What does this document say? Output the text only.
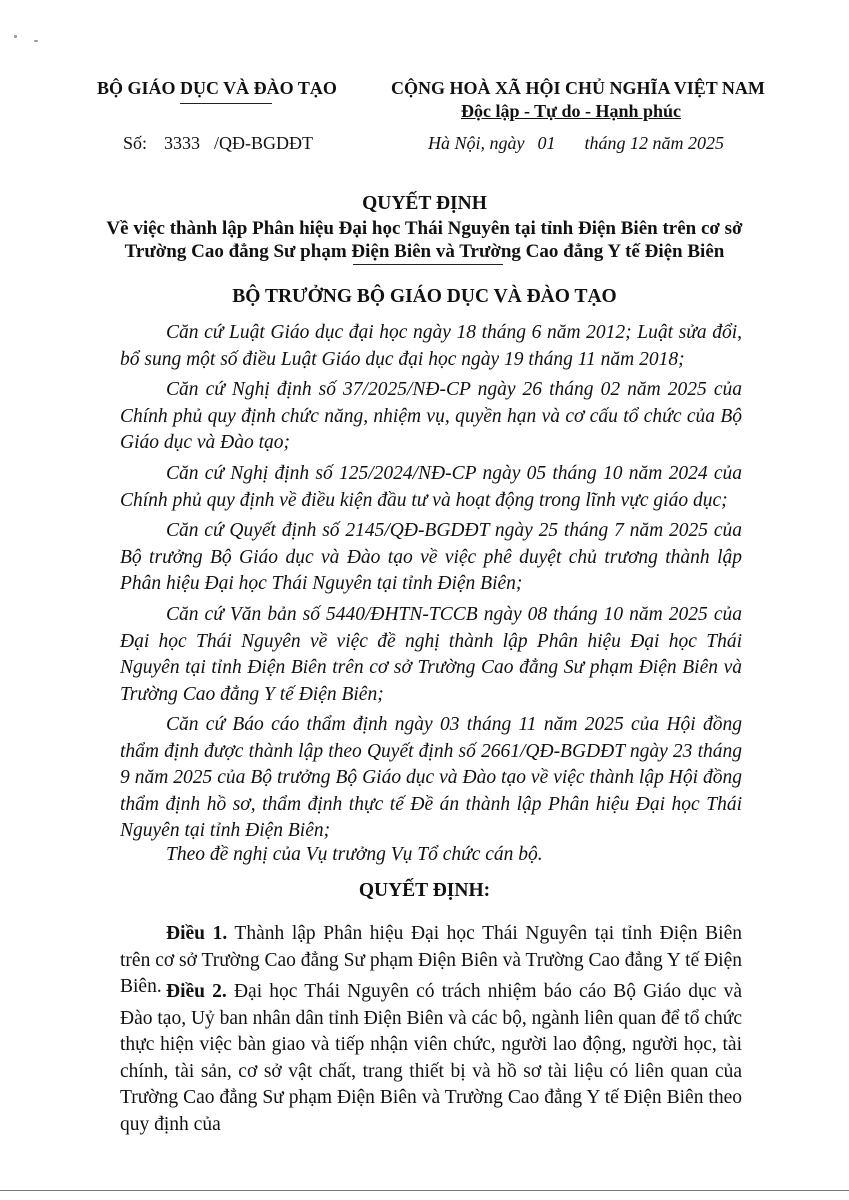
BỘ GIÁO DỤC VÀ ĐÀO TẠO	CỘNG HOÀ XÃ HỘI CHỦ NGHĨA VIỆT NAM
Độc lập - Tự do - Hạnh phúc
Số: 3333 /QĐ-BGDĐT	Hà Nội, ngày 01 tháng 12 năm 2025
QUYẾT ĐỊNH
Về việc thành lập Phân hiệu Đại học Thái Nguyên tại tỉnh Điện Biên trên cơ sở
Trường Cao đẳng Sư phạm Điện Biên và Trường Cao đẳng Y tế Điện Biên
BỘ TRƯỞNG BỘ GIÁO DỤC VÀ ĐÀO TẠO
Căn cứ Luật Giáo dục đại học ngày 18 tháng 6 năm 2012; Luật sửa đổi, bổ sung một số điều Luật Giáo dục đại học ngày 19 tháng 11 năm 2018;
Căn cứ Nghị định số 37/2025/NĐ-CP ngày 26 tháng 02 năm 2025 của Chính phủ quy định chức năng, nhiệm vụ, quyền hạn và cơ cấu tổ chức của Bộ Giáo dục và Đào tạo;
Căn cứ Nghị định số 125/2024/NĐ-CP ngày 05 tháng 10 năm 2024 của Chính phủ quy định về điều kiện đầu tư và hoạt động trong lĩnh vực giáo dục;
Căn cứ Quyết định số 2145/QĐ-BGDĐT ngày 25 tháng 7 năm 2025 của Bộ trưởng Bộ Giáo dục và Đào tạo về việc phê duyệt chủ trương thành lập Phân hiệu Đại học Thái Nguyên tại tỉnh Điện Biên;
Căn cứ Văn bản số 5440/ĐHTN-TCCB ngày 08 tháng 10 năm 2025 của Đại học Thái Nguyên về việc đề nghị thành lập Phân hiệu Đại học Thái Nguyên tại tỉnh Điện Biên trên cơ sở Trường Cao đẳng Sư phạm Điện Biên và Trường Cao đẳng Y tế Điện Biên;
Căn cứ Báo cáo thẩm định ngày 03 tháng 11 năm 2025 của Hội đồng thẩm định được thành lập theo Quyết định số 2661/QĐ-BGDĐT ngày 23 tháng 9 năm 2025 của Bộ trưởng Bộ Giáo dục và Đào tạo về việc thành lập Hội đồng thẩm định hồ sơ, thẩm định thực tế Đề án thành lập Phân hiệu Đại học Thái Nguyên tại tỉnh Điện Biên;
Theo đề nghị của Vụ trưởng Vụ Tổ chức cán bộ.
QUYẾT ĐỊNH:
Điều 1. Thành lập Phân hiệu Đại học Thái Nguyên tại tỉnh Điện Biên trên cơ sở Trường Cao đẳng Sư phạm Điện Biên và Trường Cao đẳng Y tế Điện Biên. Điều 2. Đại học Thái Nguyên có trách nhiệm báo cáo Bộ Giáo dục và Đào tạo, Uỷ ban nhân dân tỉnh Điện Biên và các bộ, ngành liên quan để tổ chức thực hiện việc bàn giao và tiếp nhận viên chức, người lao động, người học, tài chính, tài sản, cơ sở vật chất, trang thiết bị và hồ sơ tài liệu có liên quan của Trường Cao đẳng Sư phạm Điện Biên và Trường Cao đẳng Y tế Điện Biên theo quy định của
